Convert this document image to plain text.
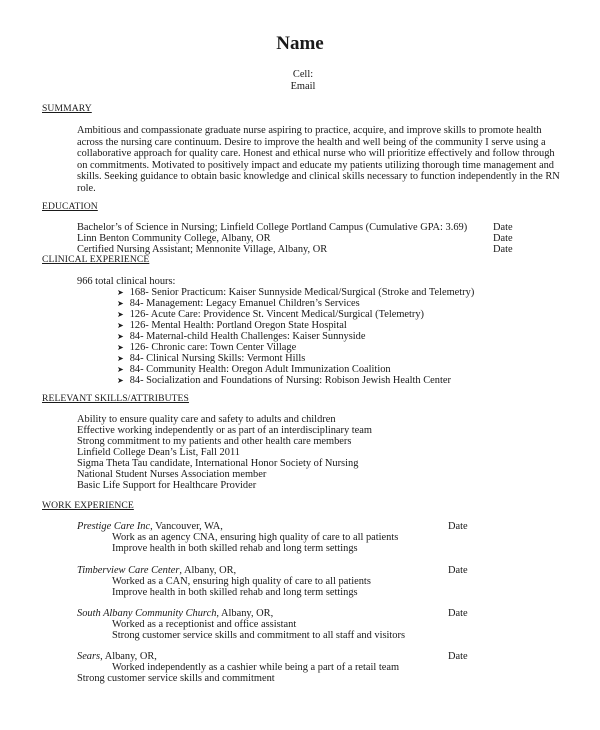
Name
Cell:
Email
SUMMARY
Ambitious and compassionate graduate nurse aspiring to practice, acquire, and improve skills to promote health across the nursing care continuum. Desire to improve the health and well being of the community I serve using a collaborative approach for quality care. Honest and ethical nurse who will prioritize effectively and follow through on commitments. Motivated to positively impact and educate my patients utilizing thorough time management and skills. Seeking guidance to obtain basic knowledge and clinical skills necessary to function independently in the RN role.
EDUCATION
Bachelor’s of Science in Nursing; Linfield College Portland Campus (Cumulative GPA: 3.69) Date
Linn Benton Community College, Albany, OR	Date
Certified Nursing Assistant; Mennonite Village, Albany, OR	Date
CLINICAL EXPERIENCE
966 total clinical hours:
➤ 168- Senior Practicum: Kaiser Sunnyside Medical/Surgical (Stroke and Telemetry)
➤ 84- Management: Legacy Emanuel Children’s Services
➤ 126- Acute Care: Providence St. Vincent Medical/Surgical (Telemetry)
➤ 126- Mental Health: Portland Oregon State Hospital
➤ 84- Maternal-child Health Challenges: Kaiser Sunnyside
➤ 126- Chronic care: Town Center Village
➤ 84- Clinical Nursing Skills: Vermont Hills
➤ 84- Community Health: Oregon Adult Immunization Coalition
➤ 84- Socialization and Foundations of Nursing: Robison Jewish Health Center
RELEVANT SKILLS/ATTRIBUTES
Ability to ensure quality care and safety to adults and children
Effective working independently or as part of an interdisciplinary team
Strong commitment to my patients and other health care members
Linfield College Dean’s List, Fall 2011
Sigma Theta Tau candidate, International Honor Society of Nursing
National Student Nurses Association member
Basic Life Support for Healthcare Provider
WORK EXPERIENCE
Prestige Care Inc, Vancouver, WA,	Date
Work as an agency CNA, ensuring high quality of care to all patients
Improve health in both skilled rehab and long term settings
Timberview Care Center, Albany, OR,	Date
Worked as a CAN, ensuring high quality of care to all patients
Improve health in both skilled rehab and long term settings
South Albany Community Church, Albany, OR,	Date
Worked as a receptionist and office assistant
Strong customer service skills and commitment to all staff and visitors
Sears, Albany, OR,	Date
Worked independently as a cashier while being a part of a retail team
Strong customer service skills and commitment
